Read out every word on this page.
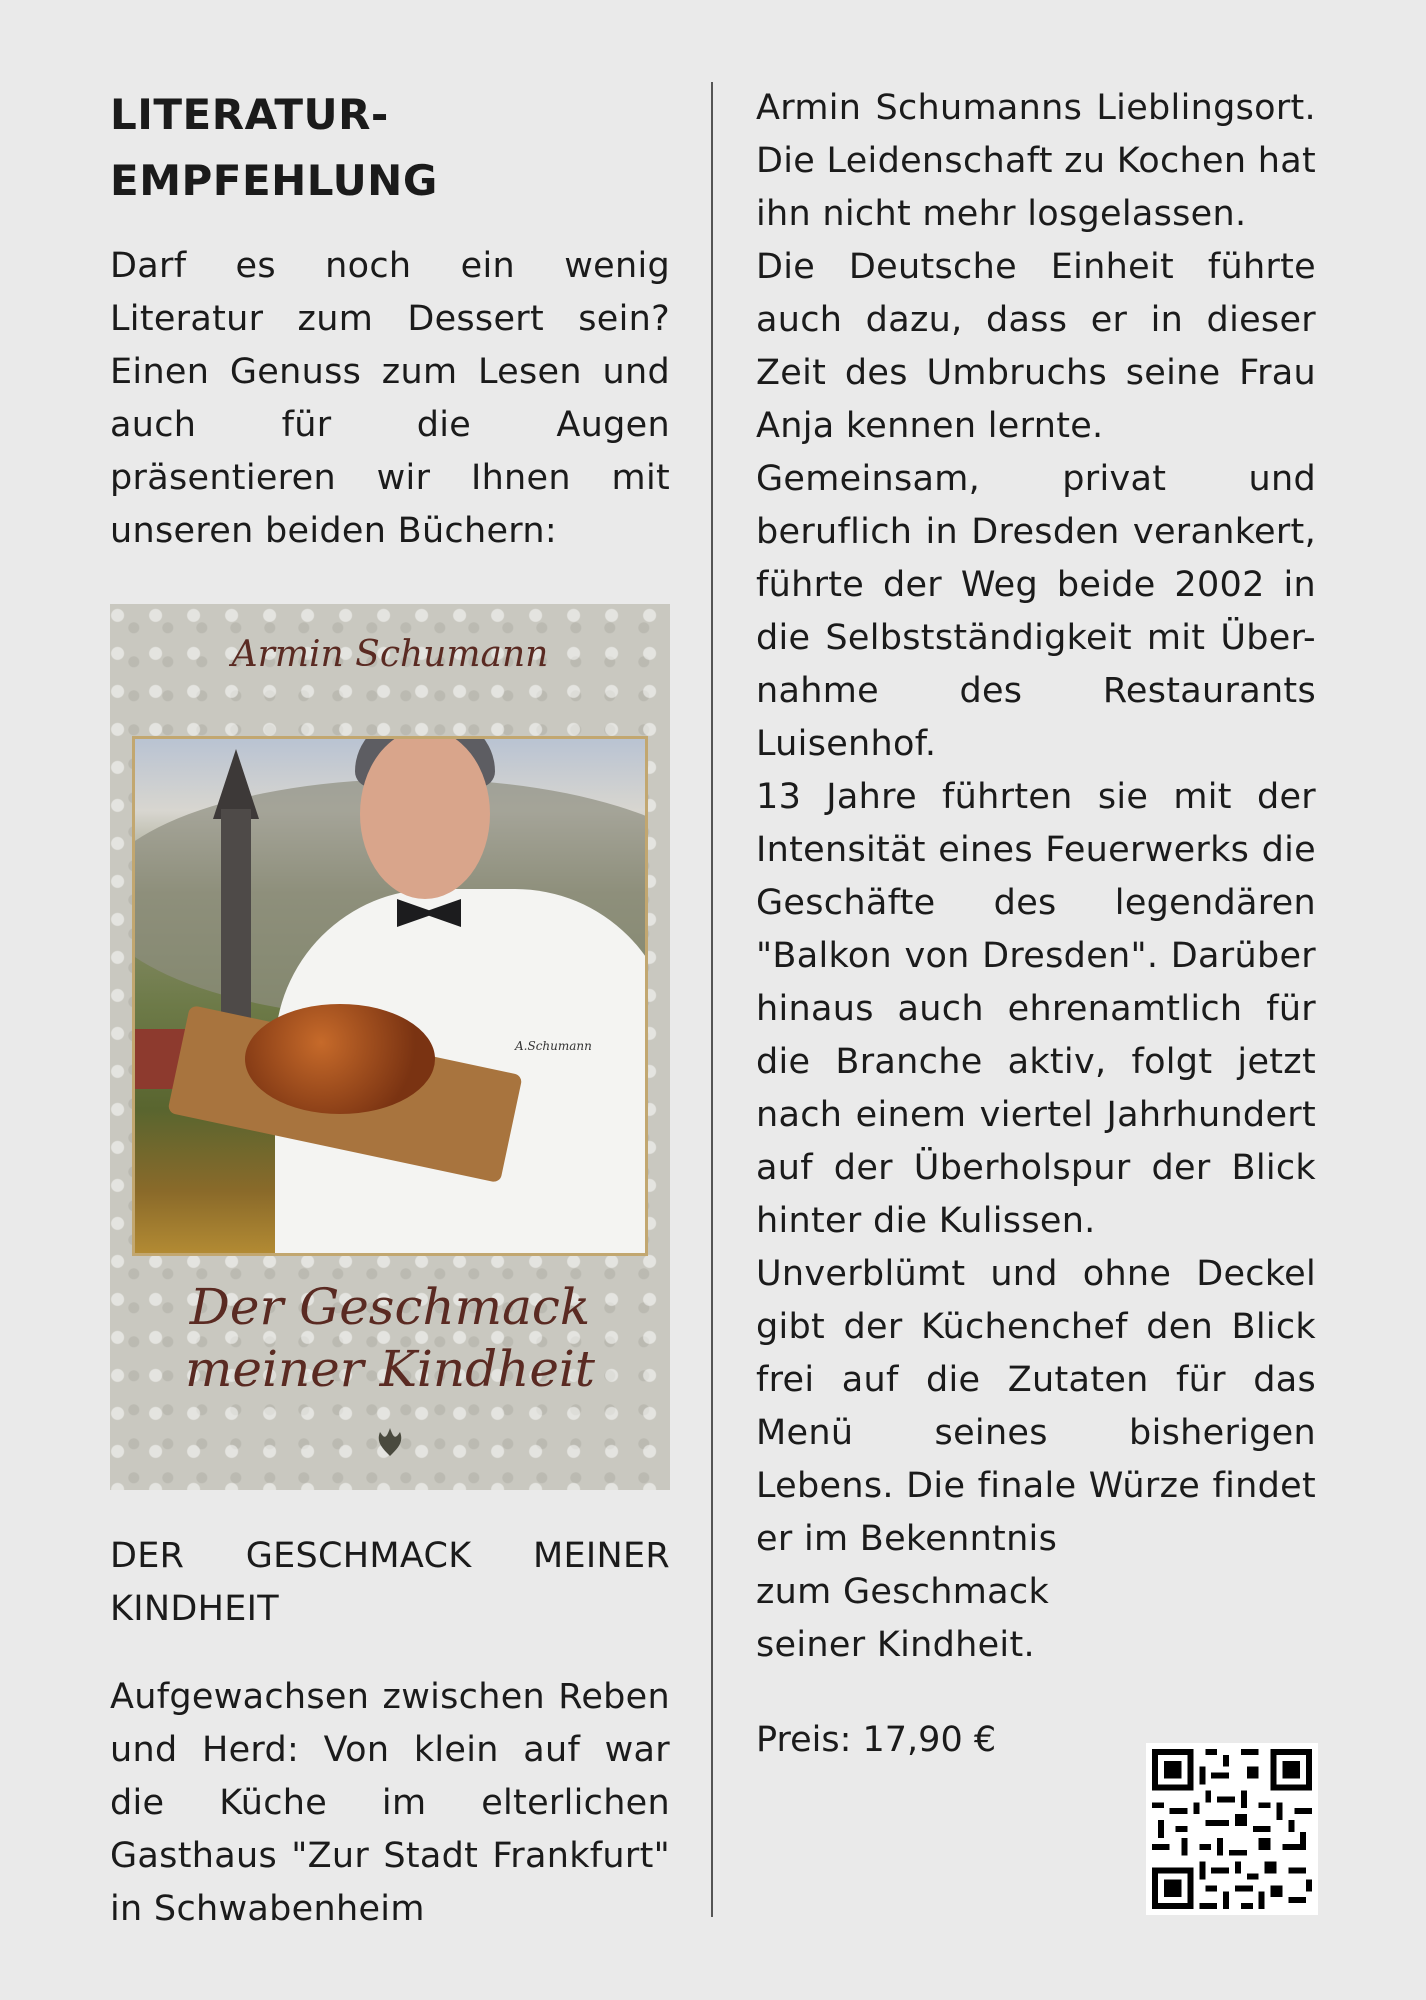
LITERATUR-
EMPFEHLUNG

Darf es noch ein wenig Literatur zum Dessert sein? Einen Genuss zum Lesen und auch für die Augen präsentieren wir Ihnen mit unseren beiden Büchern:

Armin Schumann
A.Schumann
Der Geschmack
meiner Kindheit

DER GESCHMACK MEINER KINDHEIT

Aufgewachsen zwischen Reben und Herd: Von klein auf war die Küche im elterlichen Gasthaus "Zur Stadt Frankfurt" in Schwabenheim

Armin Schumanns Lieblingsort. Die Leidenschaft zu Kochen hat ihn nicht mehr losgelassen.

Die Deutsche Einheit führte auch dazu, dass er in dieser Zeit des Umbruchs seine Frau Anja kennen lernte.

Gemeinsam, privat und beruflich in Dresden verankert, führte der Weg beide 2002 in die Selbstständigkeit mit Über-nahme des Restaurants Luisenhof.

13 Jahre führten sie mit der Intensität eines Feuerwerks die Geschäfte des legendären "Balkon von Dresden". Darüber hinaus auch ehrenamtlich für die Branche aktiv, folgt jetzt nach einem viertel Jahrhundert auf der Überholspur der Blick hinter die Kulissen.

Unverblümt und ohne Deckel gibt der Küchenchef den Blick frei auf die Zutaten für das Menü seines bisherigen Lebens. Die finale Würze findet er im Bekenntnis

zum Geschmack

seiner Kindheit.

Preis: 17,90 €
